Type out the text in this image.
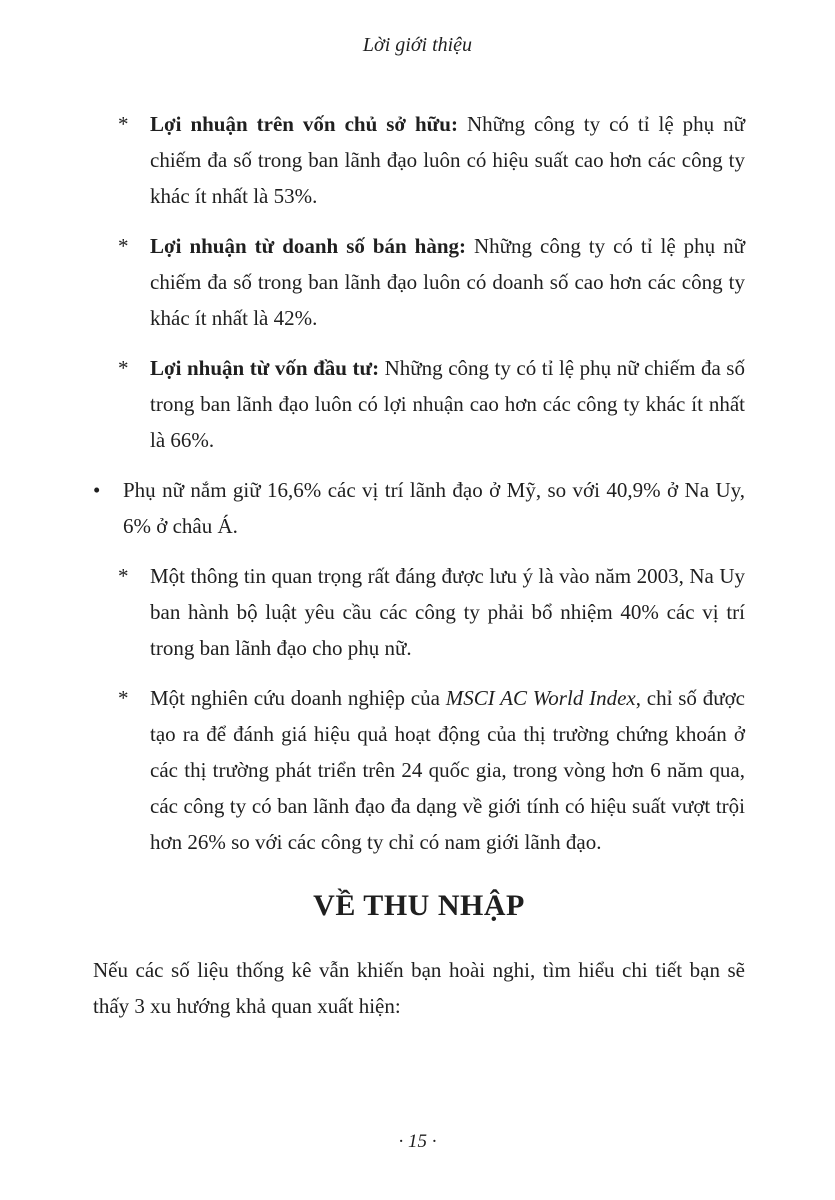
Lời giới thiệu
*	Lợi nhuận trên vốn chủ sở hữu: Những công ty có tỉ lệ phụ nữ chiếm đa số trong ban lãnh đạo luôn có hiệu suất cao hơn các công ty khác ít nhất là 53%.

*	Lợi nhuận từ doanh số bán hàng: Những công ty có tỉ lệ phụ nữ chiếm đa số trong ban lãnh đạo luôn có doanh số cao hơn các công ty khác ít nhất là 42%.

*	Lợi nhuận từ vốn đầu tư: Những công ty có tỉ lệ phụ nữ chiếm đa số trong ban lãnh đạo luôn có lợi nhuận cao hơn các công ty khác ít nhất là 66%.

•	Phụ nữ nắm giữ 16,6% các vị trí lãnh đạo ở Mỹ, so với 40,9% ở Na Uy, 6% ở châu Á.

*	Một thông tin quan trọng rất đáng được lưu ý là vào năm 2003, Na Uy ban hành bộ luật yêu cầu các công ty phải bổ nhiệm 40% các vị trí trong ban lãnh đạo cho phụ nữ.

*	Một nghiên cứu doanh nghiệp của MSCI AC World Index, chỉ số được tạo ra để đánh giá hiệu quả hoạt động của thị trường chứng khoán ở các thị trường phát triển trên 24 quốc gia, trong vòng hơn 6 năm qua, các công ty có ban lãnh đạo đa dạng về giới tính có hiệu suất vượt trội hơn 26% so với các công ty chỉ có nam giới lãnh đạo.

VỀ THU NHẬP

Nếu các số liệu thống kê vẫn khiến bạn hoài nghi, tìm hiểu chi tiết bạn sẽ thấy 3 xu hướng khả quan xuất hiện:

· 15 ·
